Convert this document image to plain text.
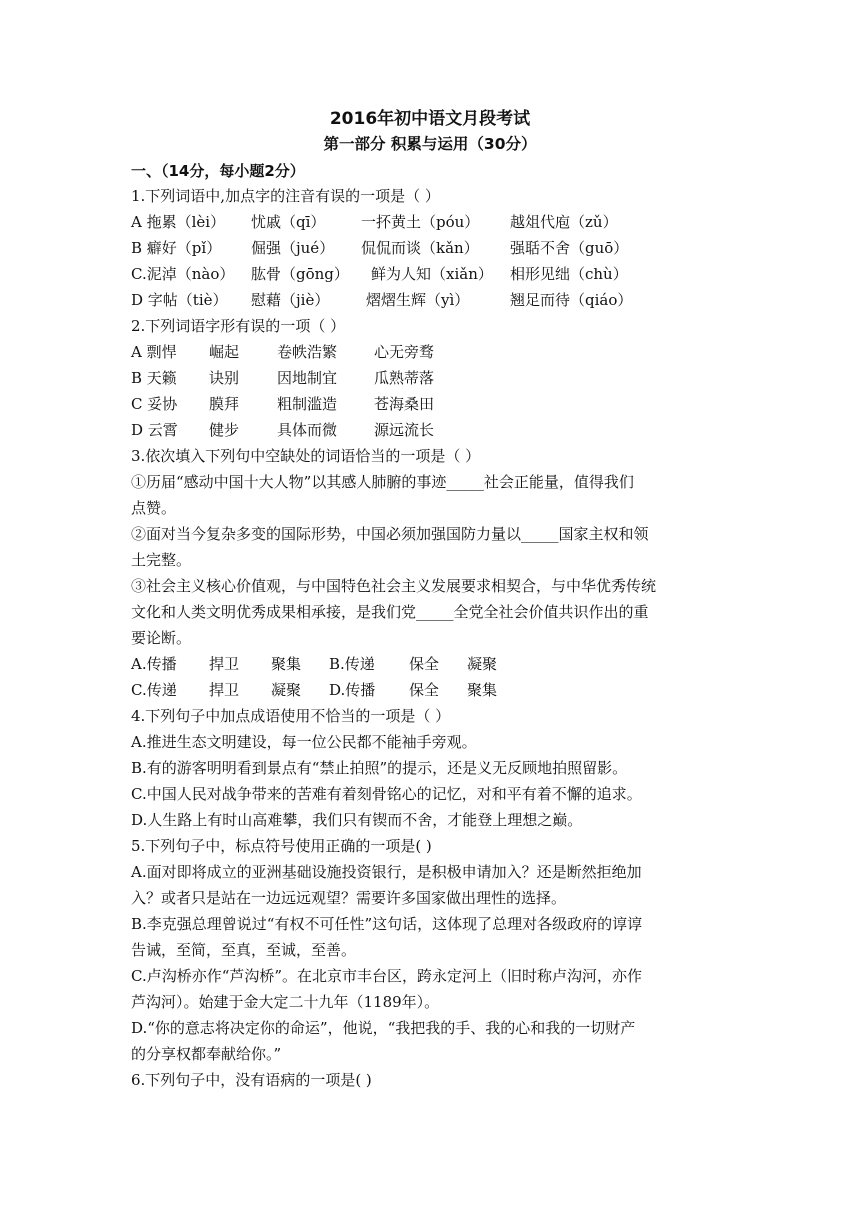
2016年初中语文月段考试
第一部分 积累与运用（30分）
一、（14分，每小题2分）
1.下列词语中,加点字的注音有误的一项是（ ）
A 拖累（lèi） 忧戚（qī） 一抔黄土（póu） 越俎代庖（zǔ）
B 癖好（pǐ） 倔强（jué） 侃侃而谈（kǎn） 强聒不舍（guō）
C.泥淖（nào） 肱骨（gōng） 鲜为人知（xiǎn） 相形见绌（chù）
D 字帖（tiè） 慰藉（jiè） 熠熠生辉（yì）	翘足而待（qiáo）
2.下列词语字形有误的一项（ ）
A 剽悍 崛起	卷帙浩繁 心无旁骛
B 天籁 诀别	因地制宜 瓜熟蒂落
C 妥协 膜拜	粗制滥造 苍海桑田
D 云霄 健步	具体而微 源远流长
3.依次填入下列句中空缺处的词语恰当的一项是（ ）
①历届“感动中国十大人物”以其感人肺腑的事迹_____社会正能量，值得我们
点赞。
②面对当今复杂多变的国际形势，中国必须加强国防力量以_____国家主权和领
土完整。
③社会主义核心价值观，与中国特色社会主义发展要求相契合，与中华优秀传统
文化和人类文明优秀成果相承接，是我们党_____全党全社会价值共识作出的重
要论断。
A.传播 捍卫 聚集 B.传递 保全 凝聚
C.传递 捍卫 凝聚 D.传播 保全 聚集
4.下列句子中加点成语使用不恰当的一项是（ ）
A.推进生态文明建设，每一位公民都不能袖手旁观。
B.有的游客明明看到景点有“禁止拍照”的提示，还是义无反顾地拍照留影。
C.中国人民对战争带来的苦难有着刻骨铭心的记忆，对和平有着不懈的追求。
D.人生路上有时山高难攀，我们只有锲而不舍，才能登上理想之巅。
5.下列句子中，标点符号使用正确的一项是( )
A.面对即将成立的亚洲基础设施投资银行，是积极申请加入？还是断然拒绝加
入？或者只是站在一边远远观望？需要许多国家做出理性的选择。
B.李克强总理曾说过“有权不可任性”这句话，这体现了总理对各级政府的谆谆
告诫，至简，至真，至诚，至善。
C.卢沟桥亦作“芦沟桥”。在北京市丰台区，跨永定河上（旧时称卢沟河，亦作
芦沟河）。始建于金大定二十九年（1189年）。
D.“你的意志将决定你的命运”，他说，“我把我的手、我的心和我的一切财产
的分享权都奉献给你。”
6.下列句子中，没有语病的一项是( )
